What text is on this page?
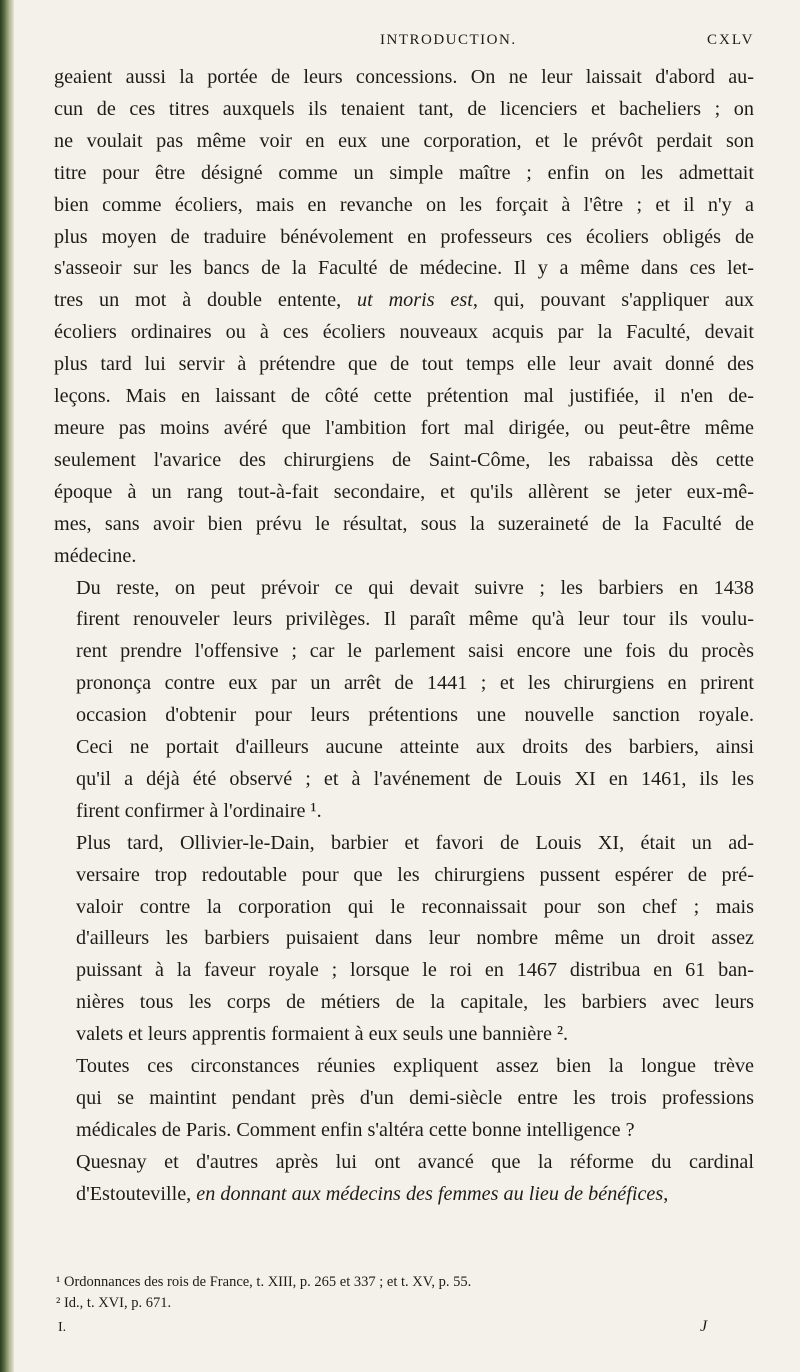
INTRODUCTION.	CXLV

geaient aussi la portée de leurs concessions. On ne leur laissait d'abord au-
cun de ces titres auxquels ils tenaient tant, de licenciers et bacheliers ; on
ne voulait pas même voir en eux une corporation, et le prévôt perdait son
titre pour être désigné comme un simple maître ; enfin on les admettait
bien comme écoliers, mais en revanche on les forçait à l'être ; et il n'y a
plus moyen de traduire bénévolement en professeurs ces écoliers obligés de
s'asseoir sur les bancs de la Faculté de médecine. Il y a même dans ces let-
tres un mot à double entente, ut moris est, qui, pouvant s'appliquer aux
écoliers ordinaires ou à ces écoliers nouveaux acquis par la Faculté, devait
plus tard lui servir à prétendre que de tout temps elle leur avait donné des
leçons. Mais en laissant de côté cette prétention mal justifiée, il n'en de-
meure pas moins avéré que l'ambition fort mal dirigée, ou peut-être même
seulement l'avarice des chirurgiens de Saint-Côme, les rabaissa dès cette
époque à un rang tout-à-fait secondaire, et qu'ils allèrent se jeter eux-mê-
mes, sans avoir bien prévu le résultat, sous la suzeraineté de la Faculté de
médecine.

Du reste, on peut prévoir ce qui devait suivre ; les barbiers en 1438
firent renouveler leurs privilèges. Il paraît même qu'à leur tour ils voulu-
rent prendre l'offensive ; car le parlement saisi encore une fois du procès
prononça contre eux par un arrêt de 1441 ; et les chirurgiens en prirent
occasion d'obtenir pour leurs prétentions une nouvelle sanction royale.
Ceci ne portait d'ailleurs aucune atteinte aux droits des barbiers, ainsi
qu'il a déjà été observé ; et à l'avénement de Louis XI en 1461, ils les
firent confirmer à l'ordinaire ¹.

Plus tard, Ollivier-le-Dain, barbier et favori de Louis XI, était un ad-
versaire trop redoutable pour que les chirurgiens pussent espérer de pré-
valoir contre la corporation qui le reconnaissait pour son chef ; mais
d'ailleurs les barbiers puisaient dans leur nombre même un droit assez
puissant à la faveur royale ; lorsque le roi en 1467 distribua en 61 ban-
nières tous les corps de métiers de la capitale, les barbiers avec leurs
valets et leurs apprentis formaient à eux seuls une bannière ².

Toutes ces circonstances réunies expliquent assez bien la longue trève
qui se maintint pendant près d'un demi-siècle entre les trois professions
médicales de Paris. Comment enfin s'altéra cette bonne intelligence ?

Quesnay et d'autres après lui ont avancé que la réforme du cardinal
d'Estouteville, en donnant aux médecins des femmes au lieu de bénéfices,

¹ Ordonnances des rois de France, t. XIII, p. 265 et 337 ; et t. XV, p. 55.
² Id., t. XVI, p. 671.
I.	J
